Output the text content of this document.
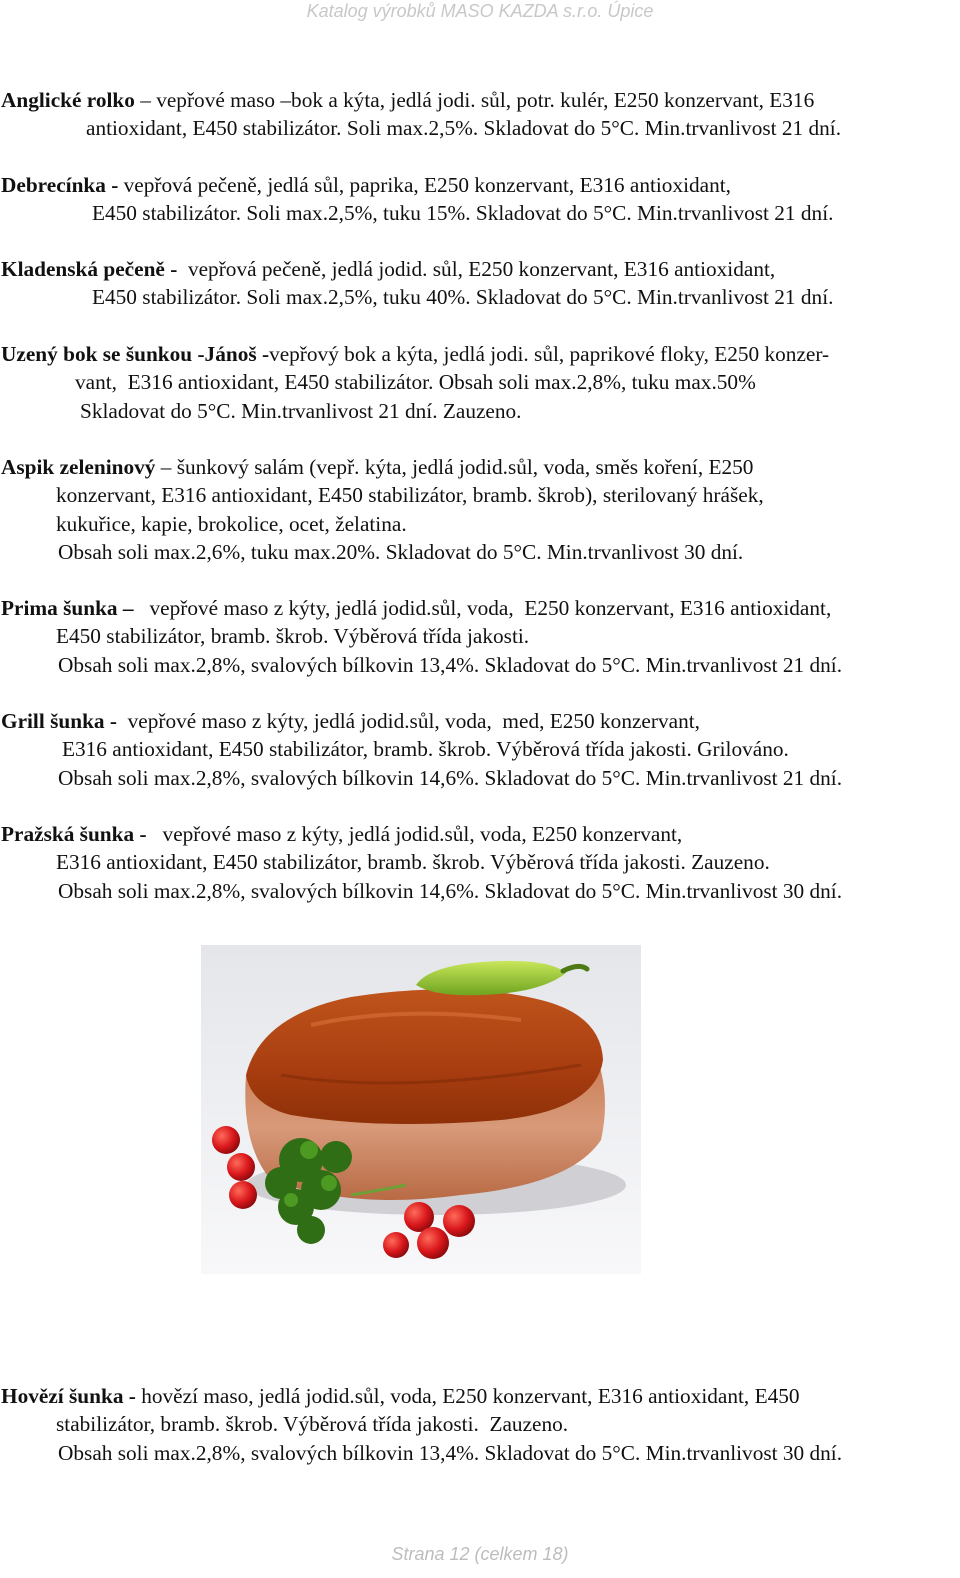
Katalog výrobků MASO KAZDA s.r.o. Úpice
Anglické rolko – vepřové maso –bok a kýta, jedlá jodi. sůl, potr. kulér, E250 konzervant, E316
antioxidant, E450 stabilizátor. Soli max.2,5%. Skladovat do 5°C. Min.trvanlivost 21 dní.
Debrecínka - vepřová pečeně, jedlá sůl, paprika, E250 konzervant, E316 antioxidant,
E450 stabilizátor. Soli max.2,5%, tuku 15%. Skladovat do 5°C. Min.trvanlivost 21 dní.
Kladenská pečeně - vepřová pečeně, jedlá jodid. sůl, E250 konzervant, E316 antioxidant,
E450 stabilizátor. Soli max.2,5%, tuku 40%. Skladovat do 5°C. Min.trvanlivost 21 dní.
Uzený bok se šunkou -Jánoš -vepřový bok a kýta, jedlá jodi. sůl, paprikové floky, E250 konzer-
vant,  E316 antioxidant, E450 stabilizátor. Obsah soli max.2,8%, tuku max.50%
Skladovat do 5°C. Min.trvanlivost 21 dní. Zauzeno.
Aspik zeleninový – šunkový salám (vepř. kýta, jedlá jodid.sůl, voda, směs koření, E250
konzervant, E316 antioxidant, E450 stabilizátor, bramb. škrob), sterilovaný hrášek,
kukuřice, kapie, brokolice, ocet, želatina.
Obsah soli max.2,6%, tuku max.20%. Skladovat do 5°C. Min.trvanlivost 30 dní.
Prima šunka – vepřové maso z kýty, jedlá jodid.sůl, voda,  E250 konzervant, E316 antioxidant,
E450 stabilizátor, bramb. škrob. Výběrová třída jakosti.
Obsah soli max.2,8%, svalových bílkovin 13,4%. Skladovat do 5°C. Min.trvanlivost 21 dní.
Grill šunka - vepřové maso z kýty, jedlá jodid.sůl, voda,  med, E250 konzervant,
E316 antioxidant, E450 stabilizátor, bramb. škrob. Výběrová třída jakosti. Grilováno.
Obsah soli max.2,8%, svalových bílkovin 14,6%. Skladovat do 5°C. Min.trvanlivost 21 dní.
Pražská šunka - vepřové maso z kýty, jedlá jodid.sůl, voda, E250 konzervant,
E316 antioxidant, E450 stabilizátor, bramb. škrob. Výběrová třída jakosti. Zauzeno.
Obsah soli max.2,8%, svalových bílkovin 14,6%. Skladovat do 5°C. Min.trvanlivost 30 dní.
Hovězí šunka - hovězí maso, jedlá jodid.sůl, voda, E250 konzervant, E316 antioxidant, E450
stabilizátor, bramb. škrob. Výběrová třída jakosti.  Zauzeno.
Obsah soli max.2,8%, svalových bílkovin 13,4%. Skladovat do 5°C. Min.trvanlivost 30 dní.
Strana 12 (celkem 18)
